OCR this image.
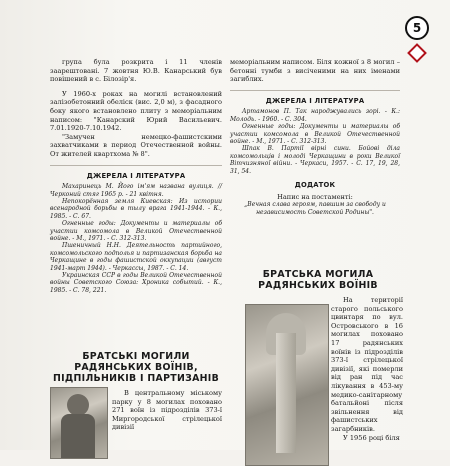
5

група була розкрита і 11 членів заарештовані. 7 жовтня Ю.В. Канарський був повішений в с. Білозір'я.

У 1960-х роках на могилі встановлений залізобетонний обеліск (вис. 2,0 м), з фасадного боку якого встановлено плиту з меморіальним написом: "Канарский Юрий Васильевич. 7.01.1920-7.10.1942.

"Замучен немецко-фашистскими захватчиками в период Отечественной войны. От жителей квартхома № 8".

ДЖЕРЕЛА І ЛІТЕРАТУРА

Махаринець М. Його ім'ям названа вулиця. //Черконий стяг 1965 р. - 21 квітня.

Непокорённая земля Киевская: Из истории всенародной борьбы в тылу врага 1941-1944. - К., 1985. - С. 67.

Огненные годы: Документы и материалы об участии комсомола в Великой Отечественной войне. - М., 1971. - С. 312-313.

Пшеничный Н.Н. Деятельность партийного, комсомольского подполья и партизанская борьба на Черкащине в годы фашистской оккупации (август 1941-март 1944). - Черкассы, 1987. - С. 14.

Украинская ССР в годы Великой Отечественной войны Советского Союза: Хроника событий. - К., 1985. - С. 78, 221.

БРАТСЬКІ МОГИЛИ РАДЯНСЬКИХ ВОЇНІВ, ПІДПІЛЬНИКІВ І ПАРТИЗАНІВ

В центральному міському парку у 8 могилах поховано 271 воїн із підрозділів 373-ї Миргородської стрілецької дивізії

меморіальним написом. Біля кожної з 8 могил – бетонні тумби з висіченими на них іменами загиблих.

ДЖЕРЕЛА І ЛІТЕРАТУРА

Артамонов П. Так народжувались зорі. - К.: Молодь. - 1960. - С. 304.

Огненные годы: Документы и материалы об участии комсомола в Великой Отечественной войне. - М., 1971. - С. 312-313.

Шпак В. Партії вірні сини. Бойові діла комсомольців і молоді Черкащини в роки Великої Вітчизняної війни. - Черкаси, 1957. - С. 17, 19, 28, 31, 54.

ДОДАТОК

Напис на постаменті:

„Вечная слава героям, павшим за свободу и независимость Советской Родины".

БРАТСЬКА МОГИЛА РАДЯНСЬКИХ ВОЇНІВ

На території старого польського цвинтаря по вул. Островського в 16 могилах поховано 17 радянських воїнів із підрозділів 373-ї стрілецької дивізії, які померли від ран під час лікування в 453-му медико-санітарному батальйоні після звільнення від фашистських загарбників.

У 1956 році біля
